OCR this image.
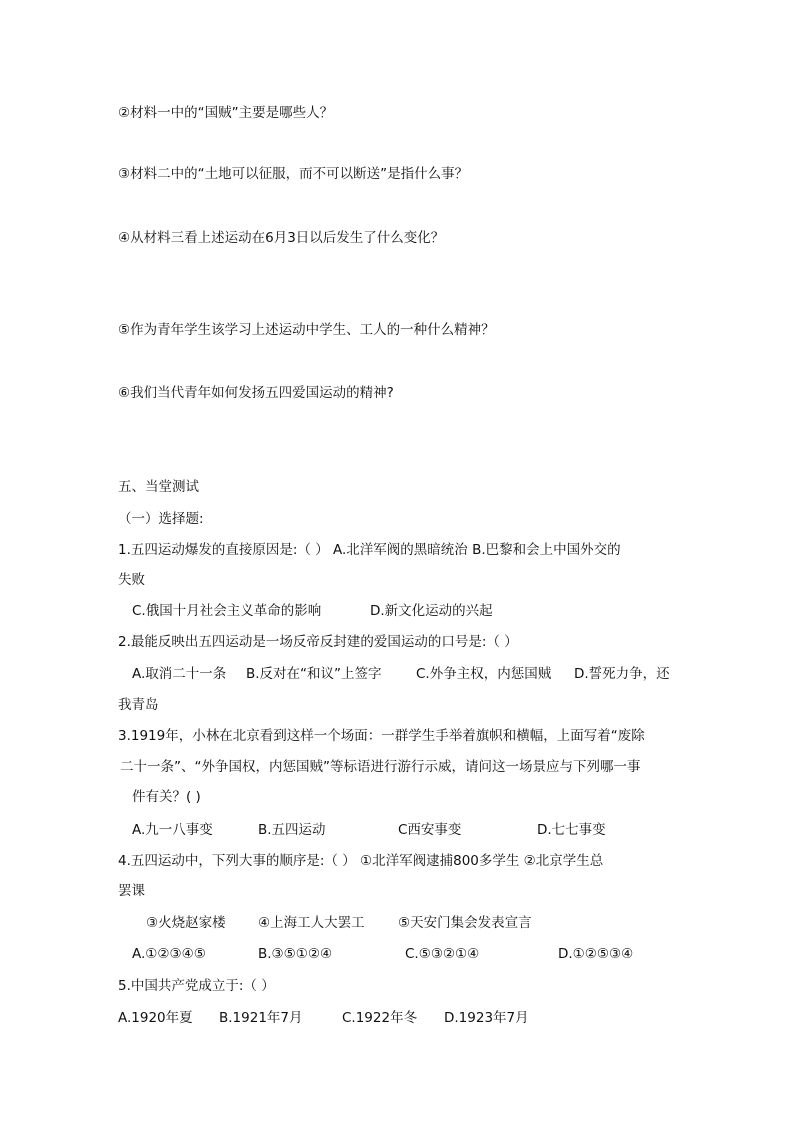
②材料一中的“国贼”主要是哪些人？
③材料二中的“土地可以征服，而不可以断送”是指什么事？
④从材料三看上述运动在6月3日以后发生了什么变化？
⑤作为青年学生该学习上述运动中学生、工人的一种什么精神？
⑥我们当代青年如何发扬五四爱国运动的精神?
五、当堂测试
（一）选择题:
1.五四运动爆发的直接原因是:（ ） A.北洋军阀的黑暗统治 B.巴黎和会上中国外交的
失败
C.俄国十月社会主义革命的影响	D.新文化运动的兴起
2.最能反映出五四运动是一场反帝反封建的爱国运动的口号是:（ ）
A.取消二十一条 B.反对在“和议”上签字	C.外争主权，内惩国贼 D.誓死力争，还
我青岛
3.1919年，小林在北京看到这样一个场面：一群学生手举着旗帜和横幅，上面写着“废除
二十一条”、“外争国权，内惩国贼”等标语进行游行示威，请问这一场景应与下列哪一事
件有关？( )
A.九一八事变	B.五四运动	C西安事变	D.七七事变
4.五四运动中，下列大事的顺序是:（ ） ①北洋军阀逮捕800多学生 ②北京学生总
罢课
③火烧赵家楼 ④上海工人大罢工 ⑤天安门集会发表宣言
A.①②③④⑤	B.③⑤①②④	C.⑤③②①④	D.①②⑤③④
5.中国共产党成立于:（ ）
A.1920年夏 B.1921年7月	C.1922年冬 D.1923年7月
